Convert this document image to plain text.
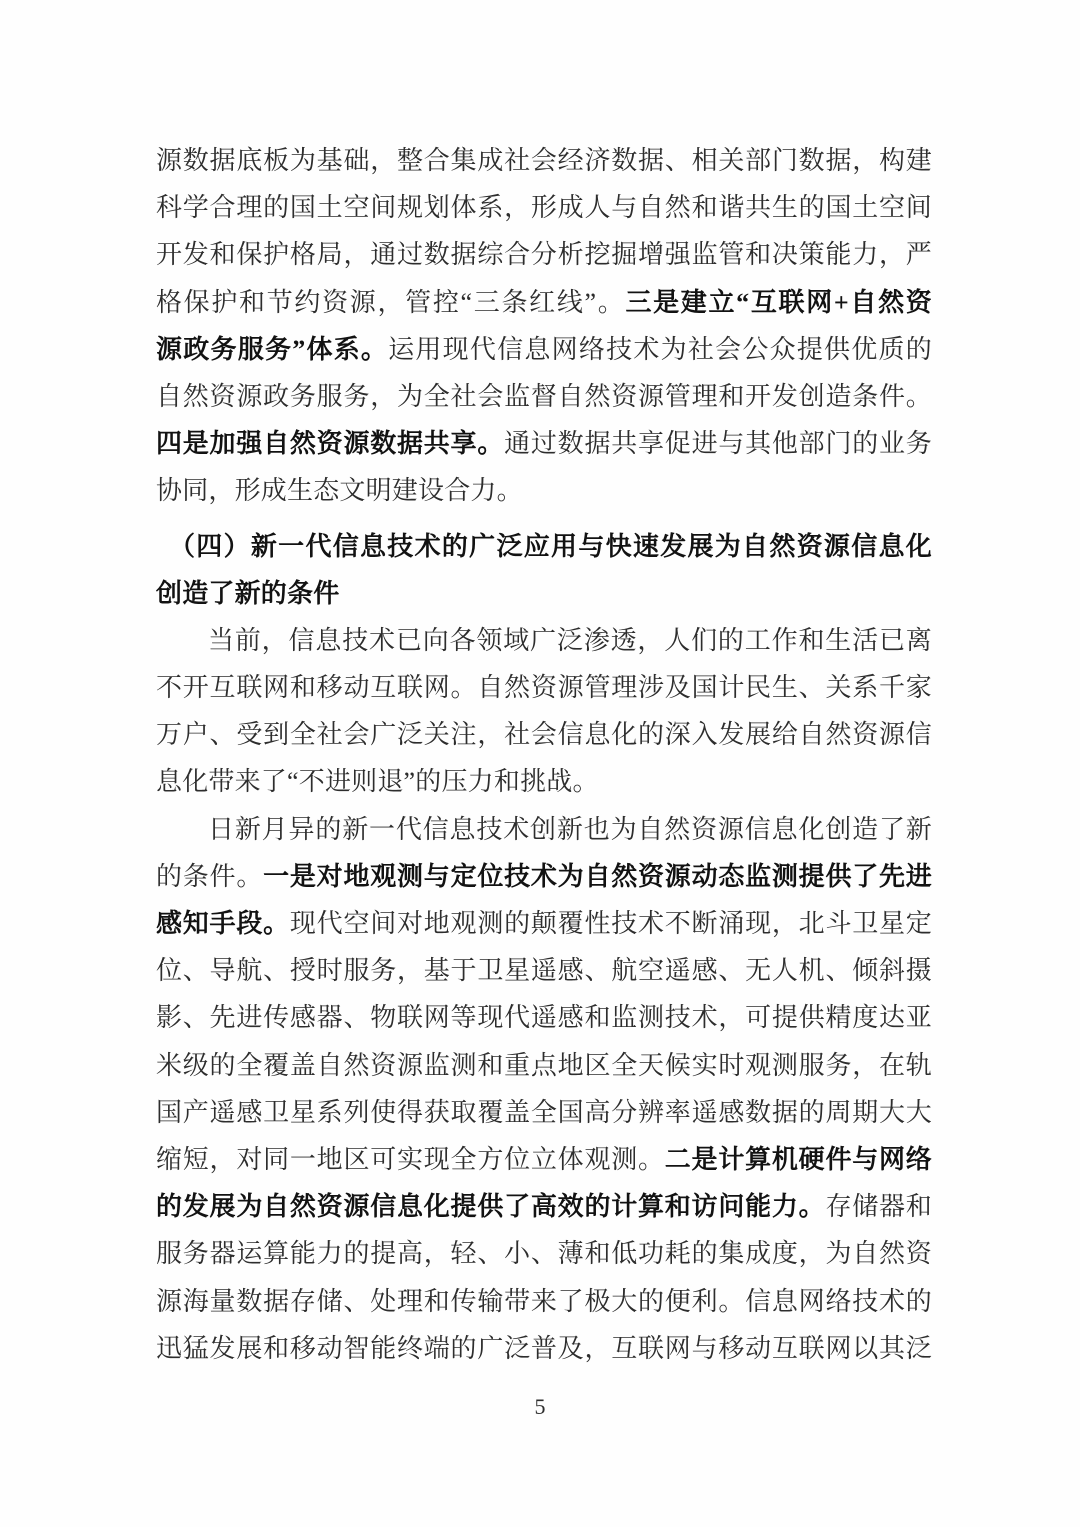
源数据底板为基础，整合集成社会经济数据、相关部门数据，构建
科学合理的国土空间规划体系，形成人与自然和谐共生的国土空间
开发和保护格局，通过数据综合分析挖掘增强监管和决策能力，严
格保护和节约资源，管控“三条红线”。三是建立“互联网+自然资
源政务服务”体系。运用现代信息网络技术为社会公众提供优质的
自然资源政务服务，为全社会监督自然资源管理和开发创造条件。
四是加强自然资源数据共享。通过数据共享促进与其他部门的业务
协同，形成生态文明建设合力。
（四）新一代信息技术的广泛应用与快速发展为自然资源信息化
创造了新的条件
当前，信息技术已向各领域广泛渗透，人们的工作和生活已离
不开互联网和移动互联网。自然资源管理涉及国计民生、关系千家
万户、受到全社会广泛关注，社会信息化的深入发展给自然资源信
息化带来了“不进则退”的压力和挑战。
日新月异的新一代信息技术创新也为自然资源信息化创造了新
的条件。一是对地观测与定位技术为自然资源动态监测提供了先进
感知手段。现代空间对地观测的颠覆性技术不断涌现，北斗卫星定
位、导航、授时服务，基于卫星遥感、航空遥感、无人机、倾斜摄
影、先进传感器、物联网等现代遥感和监测技术，可提供精度达亚
米级的全覆盖自然资源监测和重点地区全天候实时观测服务，在轨
国产遥感卫星系列使得获取覆盖全国高分辨率遥感数据的周期大大
缩短，对同一地区可实现全方位立体观测。二是计算机硬件与网络
的发展为自然资源信息化提供了高效的计算和访问能力。存储器和
服务器运算能力的提高，轻、小、薄和低功耗的集成度，为自然资
源海量数据存储、处理和传输带来了极大的便利。信息网络技术的
迅猛发展和移动智能终端的广泛普及，互联网与移动互联网以其泛
5
